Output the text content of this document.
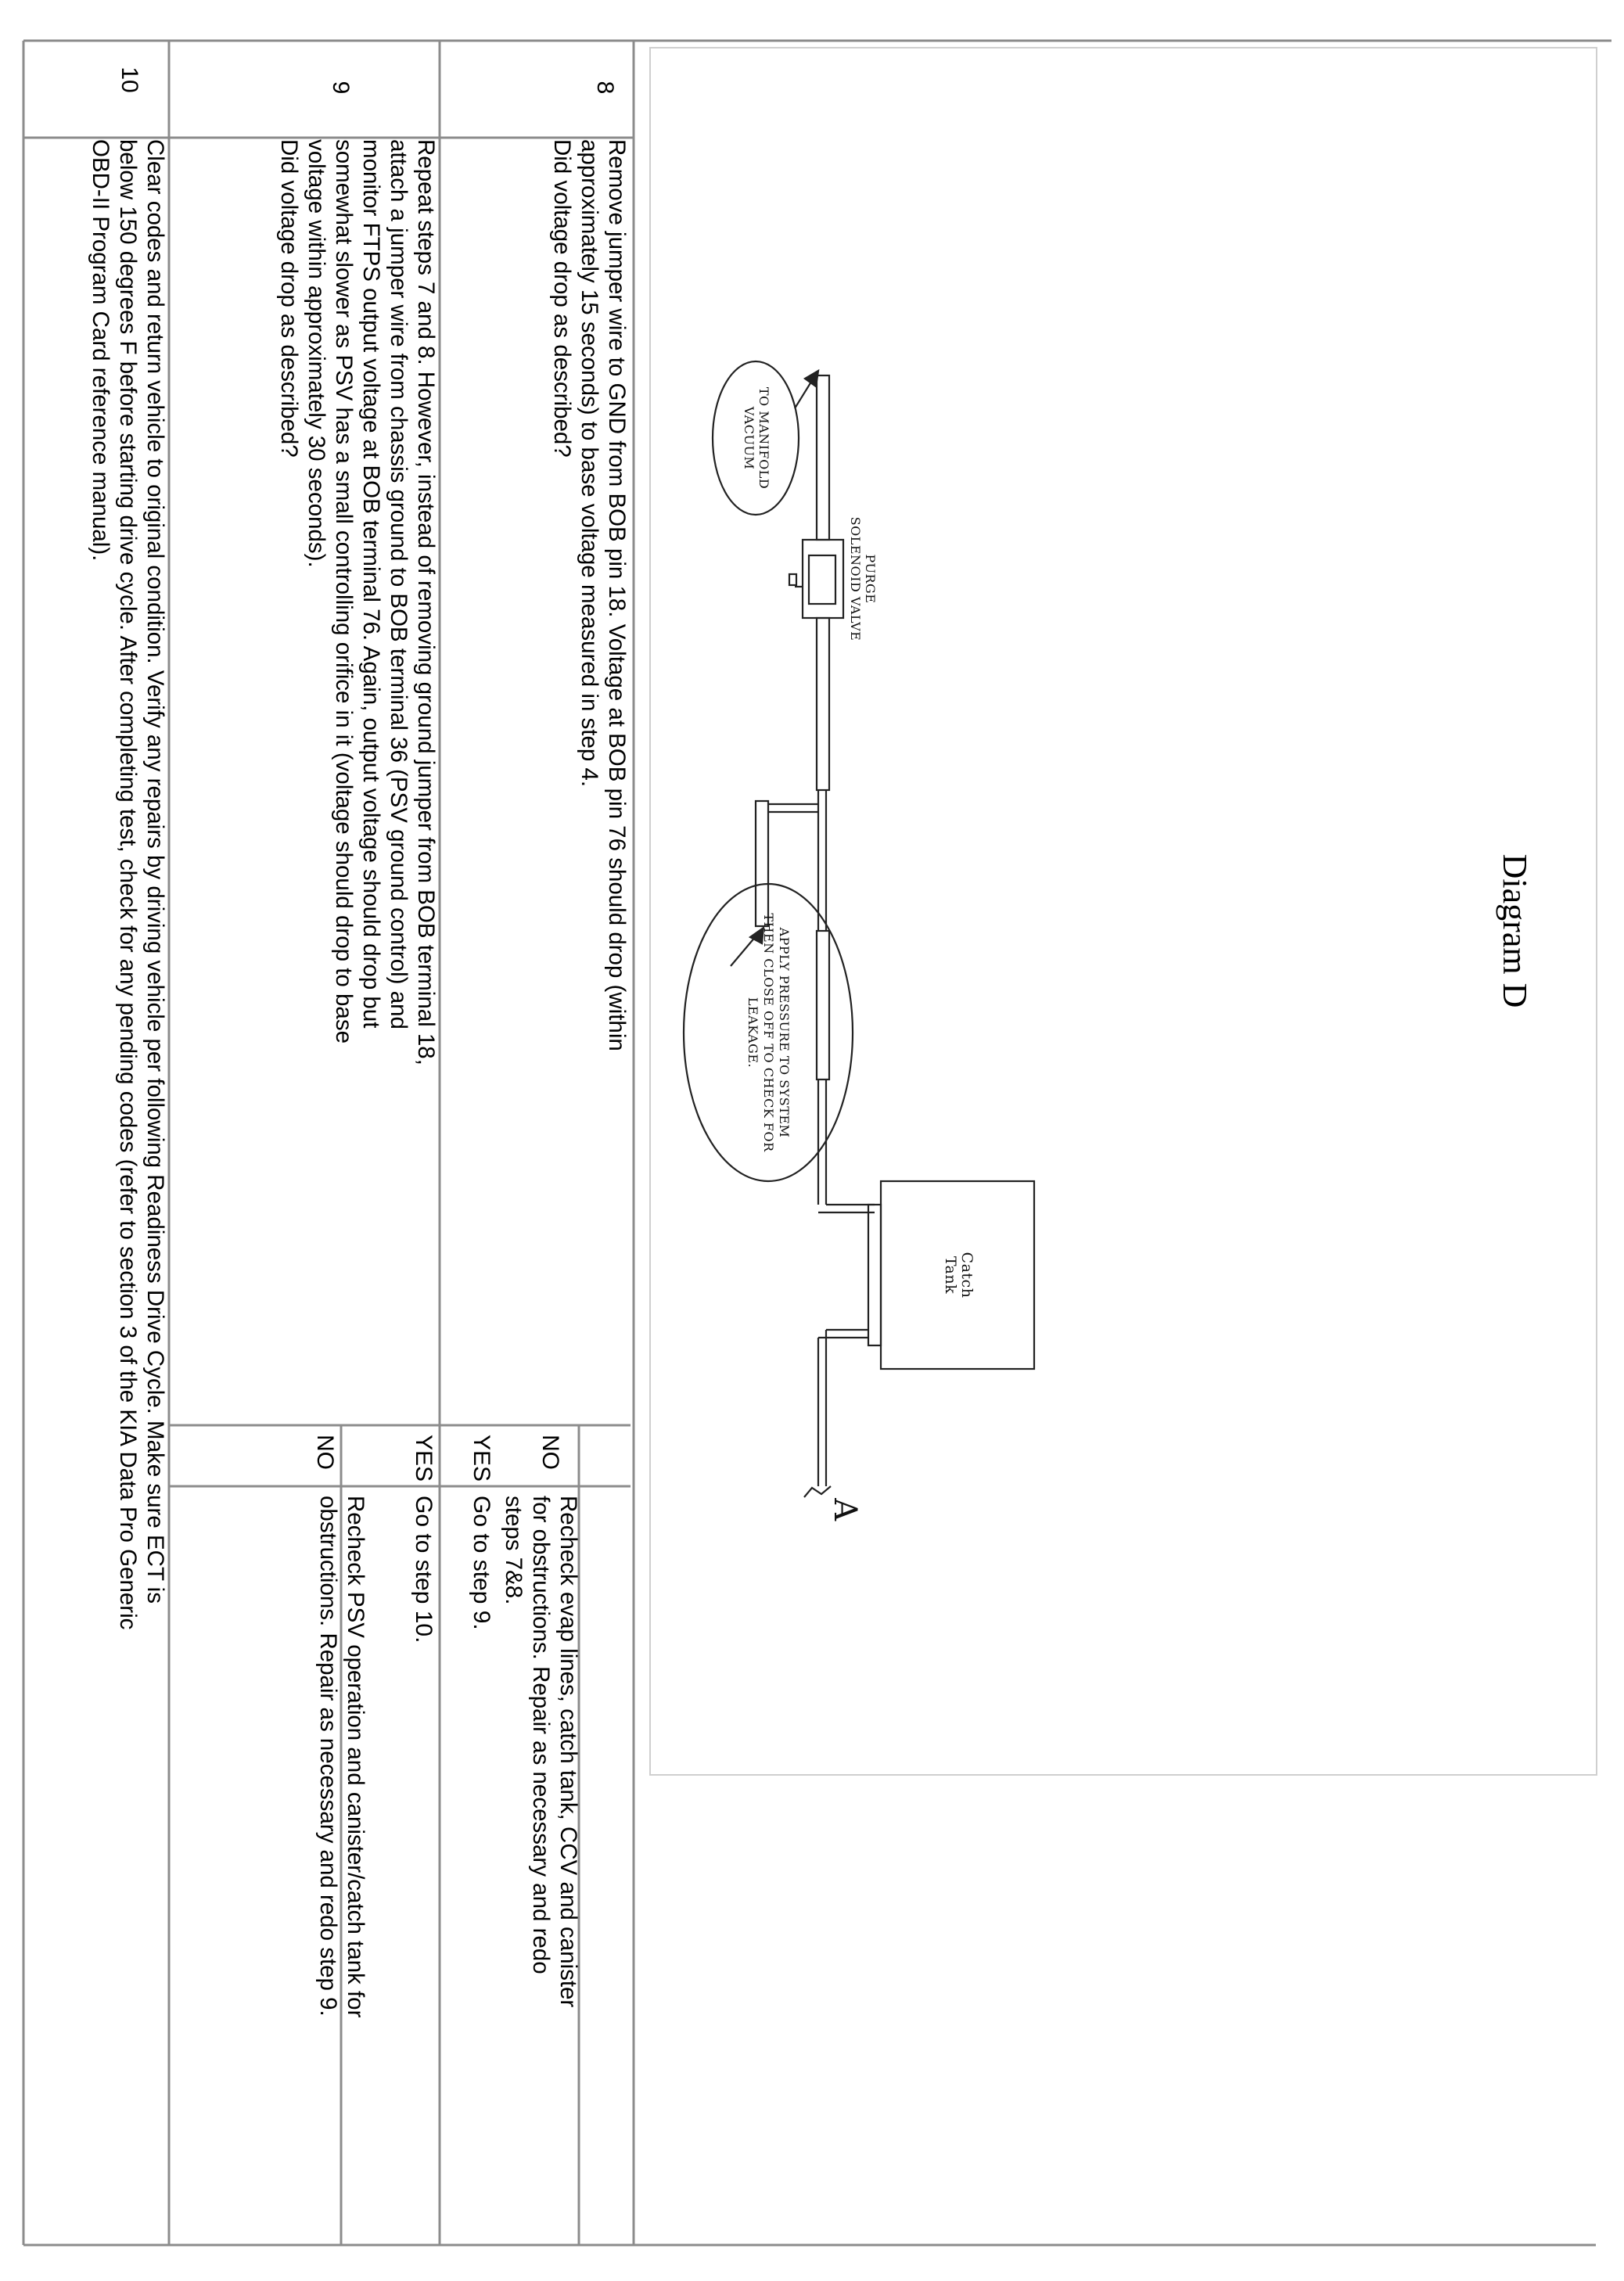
10
Clear codes and return vehicle to original condition. Verify any repairs by driving vehicle per following Readiness Drive Cycle. Make sure ECT is
below 150 degrees F before starting drive cycle. After completing test, check for any pending codes (refer to section 3 of the KIA Data Pro Generic
OBD-II Program Card reference manual).
9
Repeat steps 7 and 8. However, instead of removing ground jumper from BOB terminal 18,
attach a jumper wire from chassis ground to BOB terminal 36 (PSV ground control) and
monitor FTPS output voltage at BOB terminal 76. Again, output voltage should drop but
somewhat slower as PSV has a small controlling orifice in it (voltage should drop to base
voltage within approximately 30 seconds).
Did voltage drop as described?
NO	YES
Recheck PSV operation and canister/catch tank for
obstructions. Repair as necessary and redo step 9.	Go to step 10.
8
Remove jumper wire to GND from BOB pin 18. Voltage at BOB pin 76 should drop (within
approximately 15 seconds) to base voltage measured in step 4.
Did voltage drop as described?
YES NO
Go to step 9.	Recheck evap lines, catch tank, CCV and canister
for obstructions. Repair as necessary and redo
steps 7&8.
TO MANIFOLD
VACUUM
PURGE
SOLENOID VALVE
APPLY PRESSURE TO SYSTEM
THEN CLOSE OFF TO CHECK FOR
LEAKAGE.
Catch
Tank
A
Diagram D
